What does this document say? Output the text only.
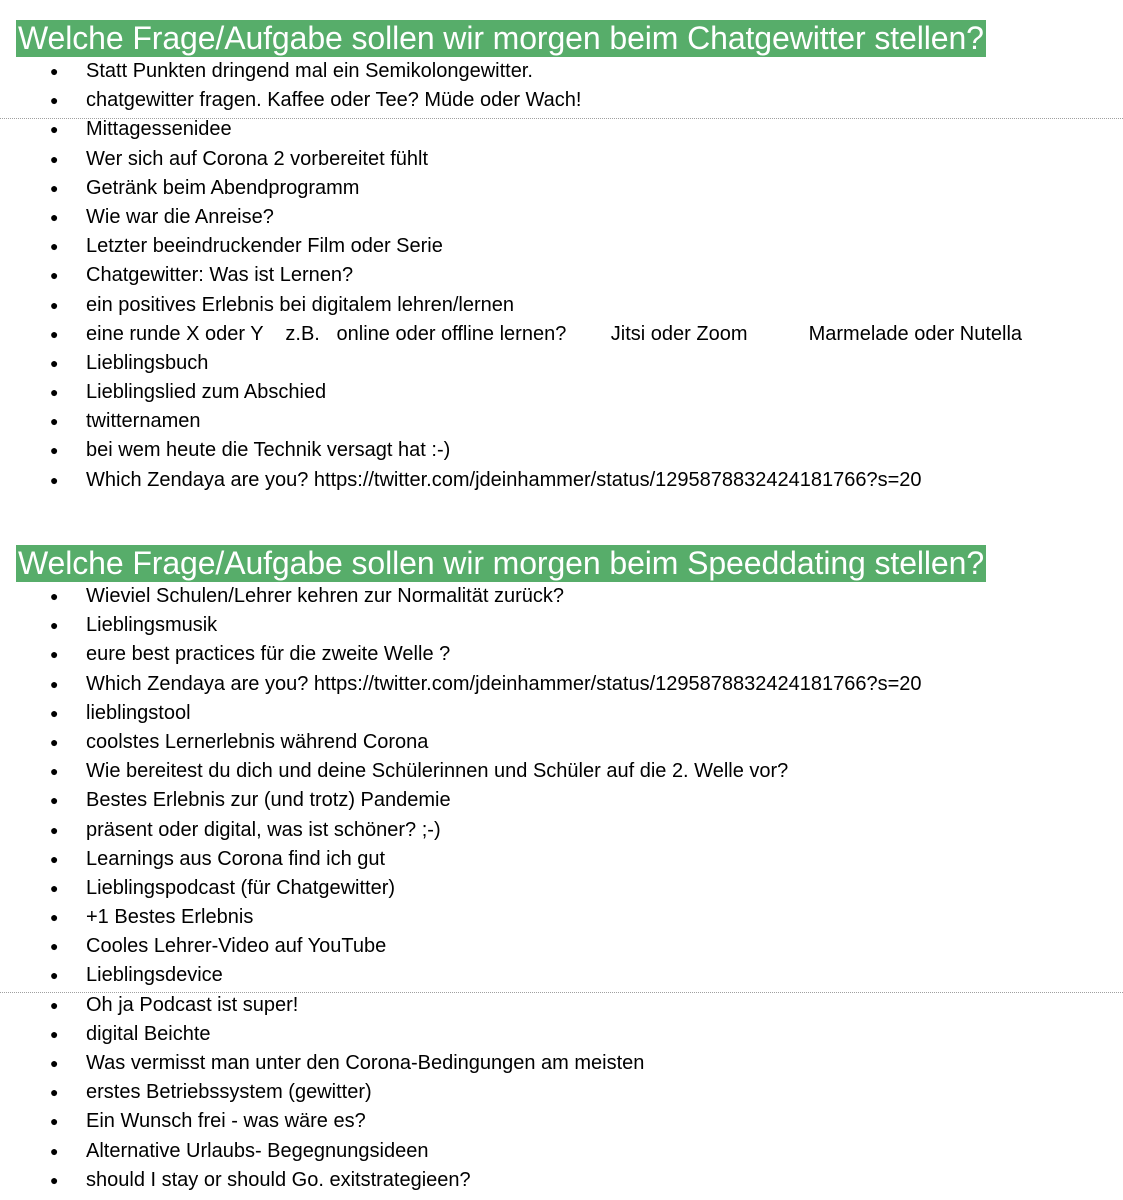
Welche Frage/Aufgabe sollen wir morgen beim Chatgewitter stellen?
● Statt Punkten dringend mal ein Semikolongewitter.
● chatgewitter fragen. Kaffee oder Tee? Müde oder Wach!
● Mittagessenidee
● Wer sich auf Corona 2 vorbereitet fühlt
● Getränk beim Abendprogramm
● Wie war die Anreise?
● Letzter beeindruckender Film oder Serie
● Chatgewitter: Was ist Lernen?
● ein positives Erlebnis bei digitalem lehren/lernen
● eine runde X oder Y    z.B.   online oder offline lernen?        Jitsi oder Zoom           Marmelade oder Nutella
● Lieblingsbuch
● Lieblingslied zum Abschied
● twitternamen
● bei wem heute die Technik versagt hat :-)
● Which Zendaya are you? https://twitter.com/jdeinhammer/status/1295878832424181766?s=20
Welche Frage/Aufgabe sollen wir morgen beim Speeddating stellen?
● Wieviel Schulen/Lehrer kehren zur Normalität zurück?
● Lieblingsmusik
● eure best practices für die zweite Welle ?
● Which Zendaya are you? https://twitter.com/jdeinhammer/status/1295878832424181766?s=20
● lieblingstool
● coolstes Lernerlebnis während Corona
● Wie bereitest du dich und deine Schülerinnen und Schüler auf die 2. Welle vor?
● Bestes Erlebnis zur (und trotz) Pandemie
● präsent oder digital, was ist schöner? ;-)
● Learnings aus Corona find ich gut
● Lieblingspodcast (für Chatgewitter)
● +1 Bestes Erlebnis
● Cooles Lehrer-Video auf YouTube
● Lieblingsdevice
● Oh ja Podcast ist super!
● digital Beichte
● Was vermisst man unter den Corona-Bedingungen am meisten
● erstes Betriebssystem (gewitter)
● Ein Wunsch frei - was wäre es?
● Alternative Urlaubs- Begegnungsideen
● should I stay or should Go. exitstrategieen?
